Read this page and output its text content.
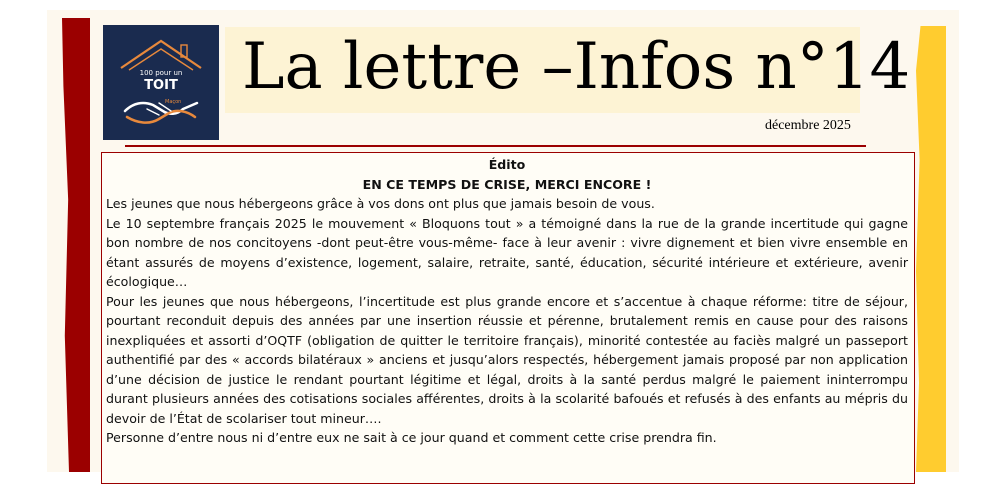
100 pour un
TOIT
Maçon La lettre –Infos n°14
décembre 2025

Édito

EN CE TEMPS DE CRISE, MERCI ENCORE !

Les jeunes que nous hébergeons grâce à vos dons ont plus que jamais besoin de vous.

Le 10 septembre français 2025 le mouvement « Bloquons tout » a témoigné dans la rue de la grande incertitude qui gagne bon nombre de nos concitoyens -dont peut-être vous-même- face à leur avenir : vivre dignement et bien vivre ensemble en étant assurés de moyens d’existence, logement, salaire, retraite, santé, éducation, sécurité intérieure et extérieure, avenir écologique…

Pour les jeunes que nous hébergeons, l’incertitude est plus grande encore et s’accentue à chaque réforme: titre de séjour, pourtant reconduit depuis des années par une insertion réussie et pérenne, brutalement remis en cause pour des raisons inexpliquées et assorti d’OQTF (obligation de quitter le territoire français), minorité contestée au faciès malgré un passeport authentifié par des « accords bilatéraux » anciens et jusqu’alors respectés, hébergement jamais proposé par non application d’une décision de justice le rendant pourtant légitime et légal, droits à la santé perdus malgré le paiement ininterrompu durant plusieurs années des cotisations sociales afférentes, droits à la scolarité bafoués et refusés à des enfants au mépris du devoir de l’État de scolariser tout mineur….

Personne d’entre nous ni d’entre eux ne sait à ce jour quand et comment cette crise prendra fin.
